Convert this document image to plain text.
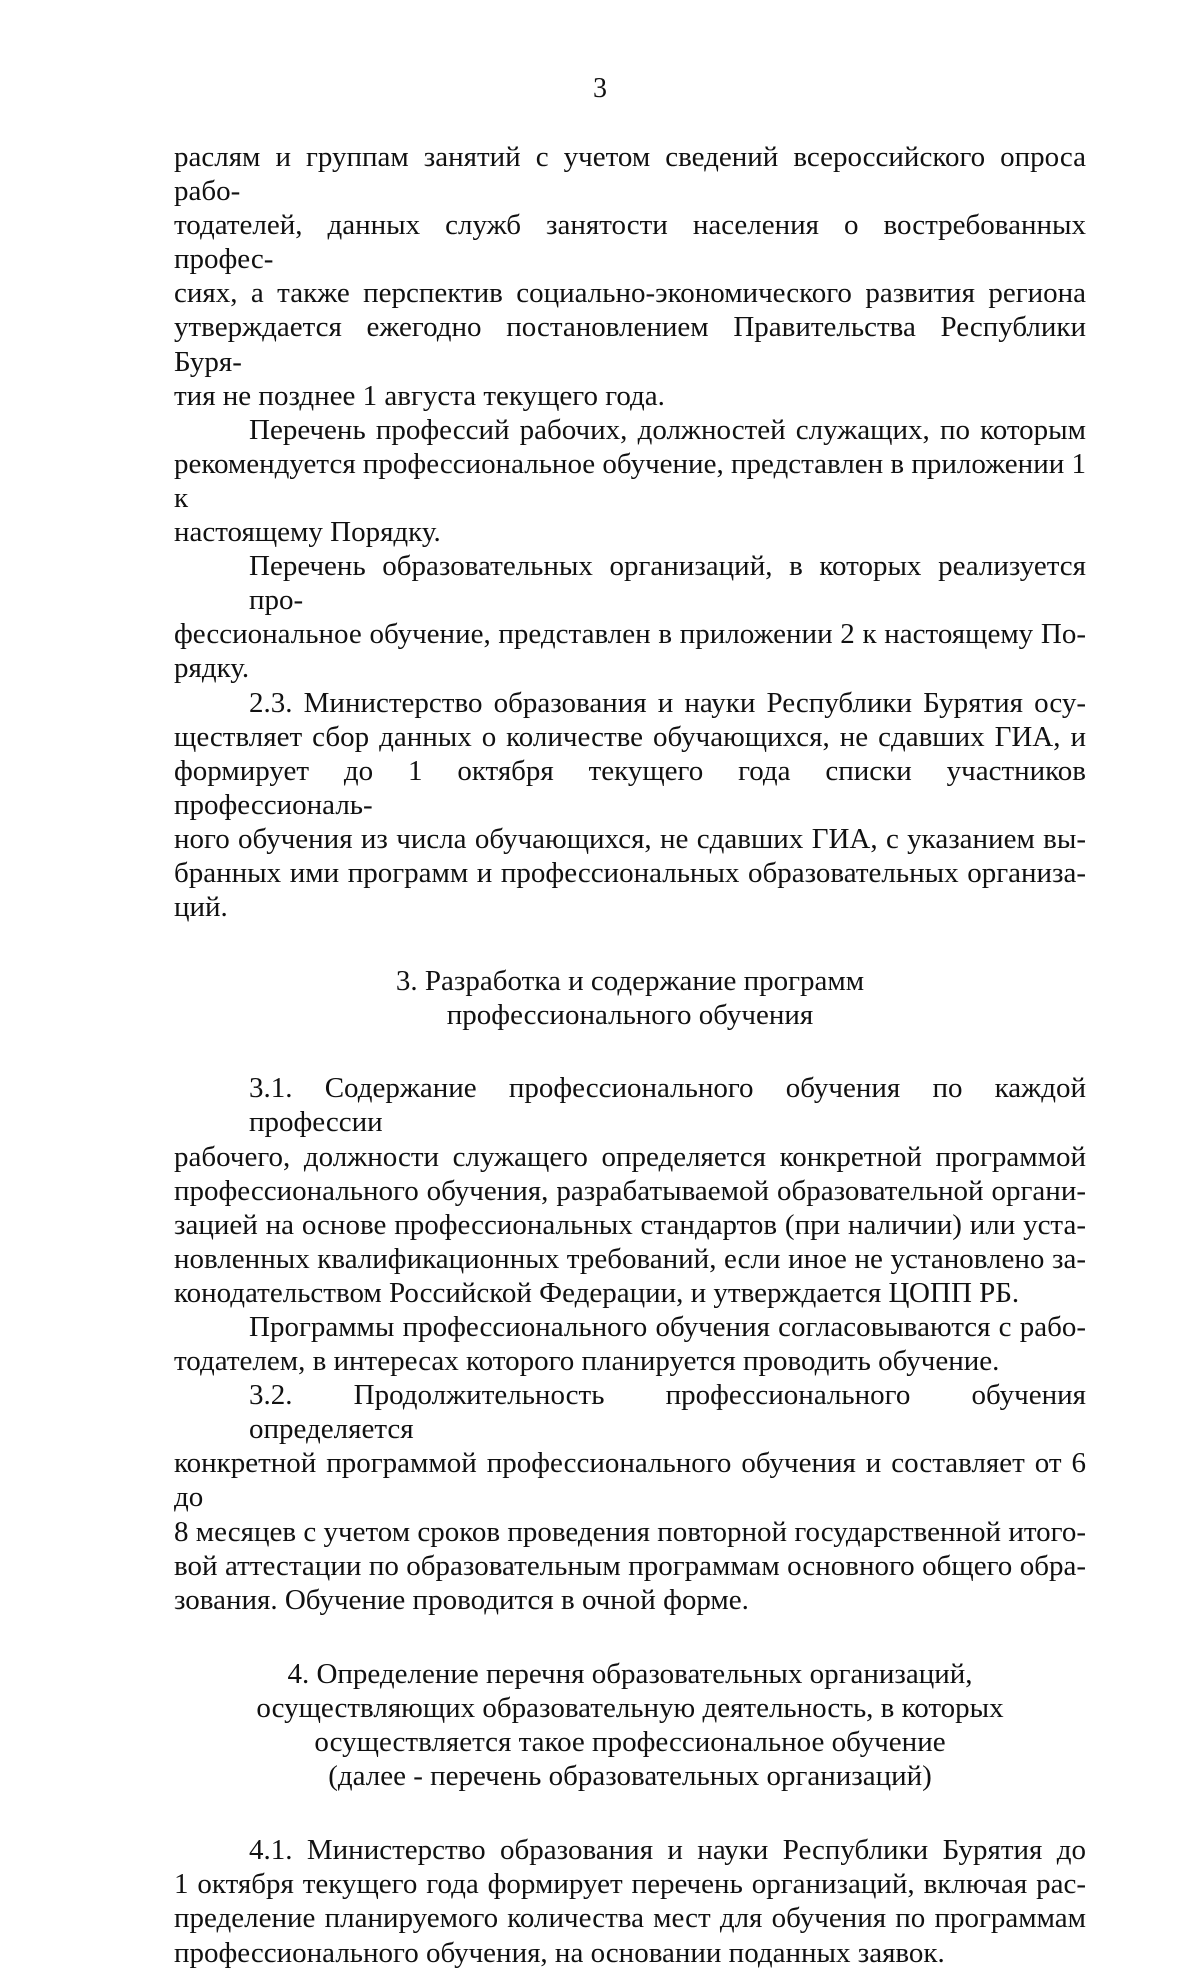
3

раслям и группам занятий с учетом сведений всероссийского опроса рабо-
тодателей, данных служб занятости населения о востребованных профес-
сиях, а также перспектив социально-экономического развития региона
утверждается ежегодно постановлением Правительства Республики Буря-
тия не позднее 1 августа текущего года.

Перечень профессий рабочих, должностей служащих, по которым
рекомендуется профессиональное обучение, представлен в приложении 1 к
настоящему Порядку.

Перечень образовательных организаций, в которых реализуется про-
фессиональное обучение, представлен в приложении 2 к настоящему По-
рядку.

2.3. Министерство образования и науки Республики Бурятия осу-
ществляет сбор данных о количестве обучающихся, не сдавших ГИА, и
формирует до 1 октября текущего года списки участников профессиональ-
ного обучения из числа обучающихся, не сдавших ГИА, с указанием вы-
бранных ими программ и профессиональных образовательных организа-
ций.

3. Разработка и содержание программ
профессионального обучения

3.1. Содержание профессионального обучения по каждой профессии
рабочего, должности служащего определяется конкретной программой
профессионального обучения, разрабатываемой образовательной органи-
зацией на основе профессиональных стандартов (при наличии) или уста-
новленных квалификационных требований, если иное не установлено за-
конодательством Российской Федерации, и утверждается ЦОПП РБ.

Программы профессионального обучения согласовываются с рабо-
тодателем, в интересах которого планируется проводить обучение.

3.2. Продолжительность профессионального обучения определяется
конкретной программой профессионального обучения и составляет от 6 до
8 месяцев с учетом сроков проведения повторной государственной итого-
вой аттестации по образовательным программам основного общего обра-
зования. Обучение проводится в очной форме.

4. Определение перечня образовательных организаций,
осуществляющих образовательную деятельность, в которых
осуществляется такое профессиональное обучение
(далее - перечень образовательных организаций)

4.1. Министерство образования и науки Республики Бурятия до
1 октября текущего года формирует перечень организаций, включая рас-
пределение планируемого количества мест для обучения по программам
профессионального обучения, на основании поданных заявок.
